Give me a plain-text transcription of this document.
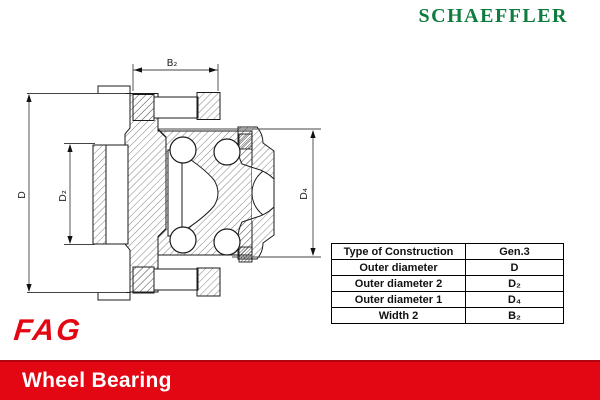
SCHAEFFLER
B₂
D	D₂	D₄
Type of Construction	Gen.3
Outer diameter	D
Outer diameter 2	D₂
Outer diameter 1	D₄
Width 2	B₂
FAG
Wheel Bearing
